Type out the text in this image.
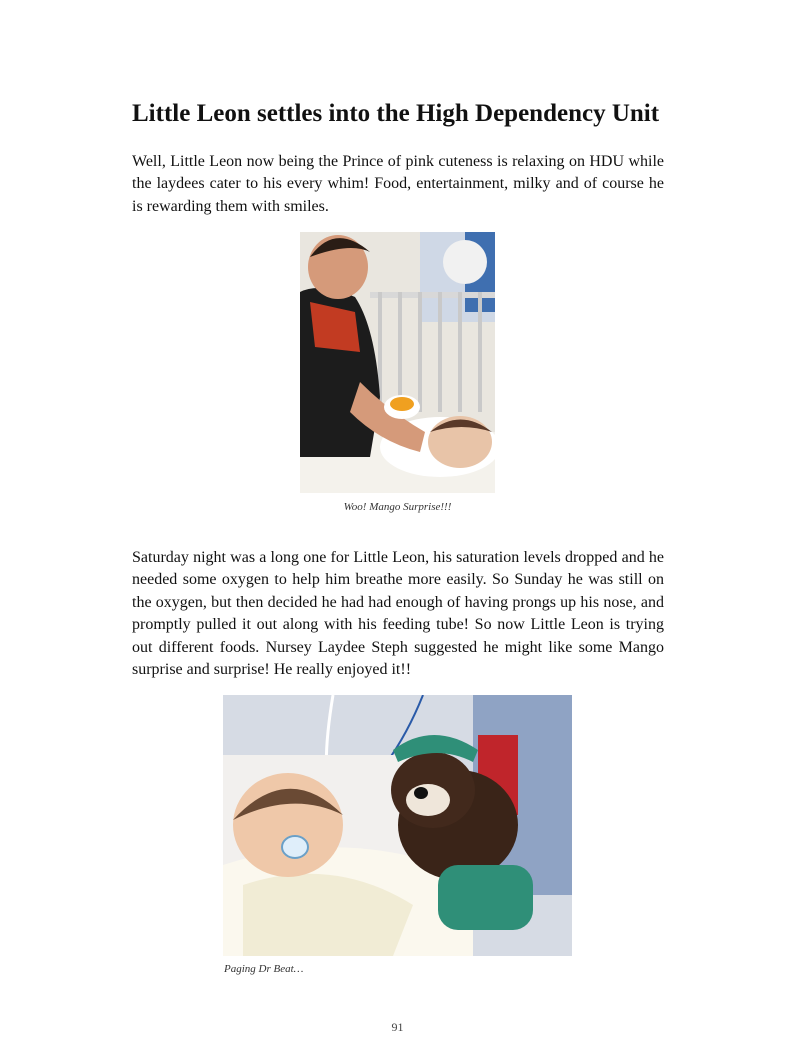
Little Leon settles into the High Dependency Unit

Well, Little Leon now being the Prince of pink cuteness is relaxing on HDU while the laydees cater to his every whim! Food, entertainment, milky and of course he is rewarding them with smiles.

Woo! Mango Surprise!!!

Saturday night was a long one for Little Leon, his saturation levels dropped and he needed some oxygen to help him breathe more easily. So Sunday he was still on the oxygen, but then decided he had had enough of having prongs up his nose, and promptly pulled it out along with his feeding tube! So now Little Leon is trying out different foods. Nursey Laydee Steph suggested he might like some Mango surprise and surprise! He really enjoyed it!!

Paging Dr Beat…
91
